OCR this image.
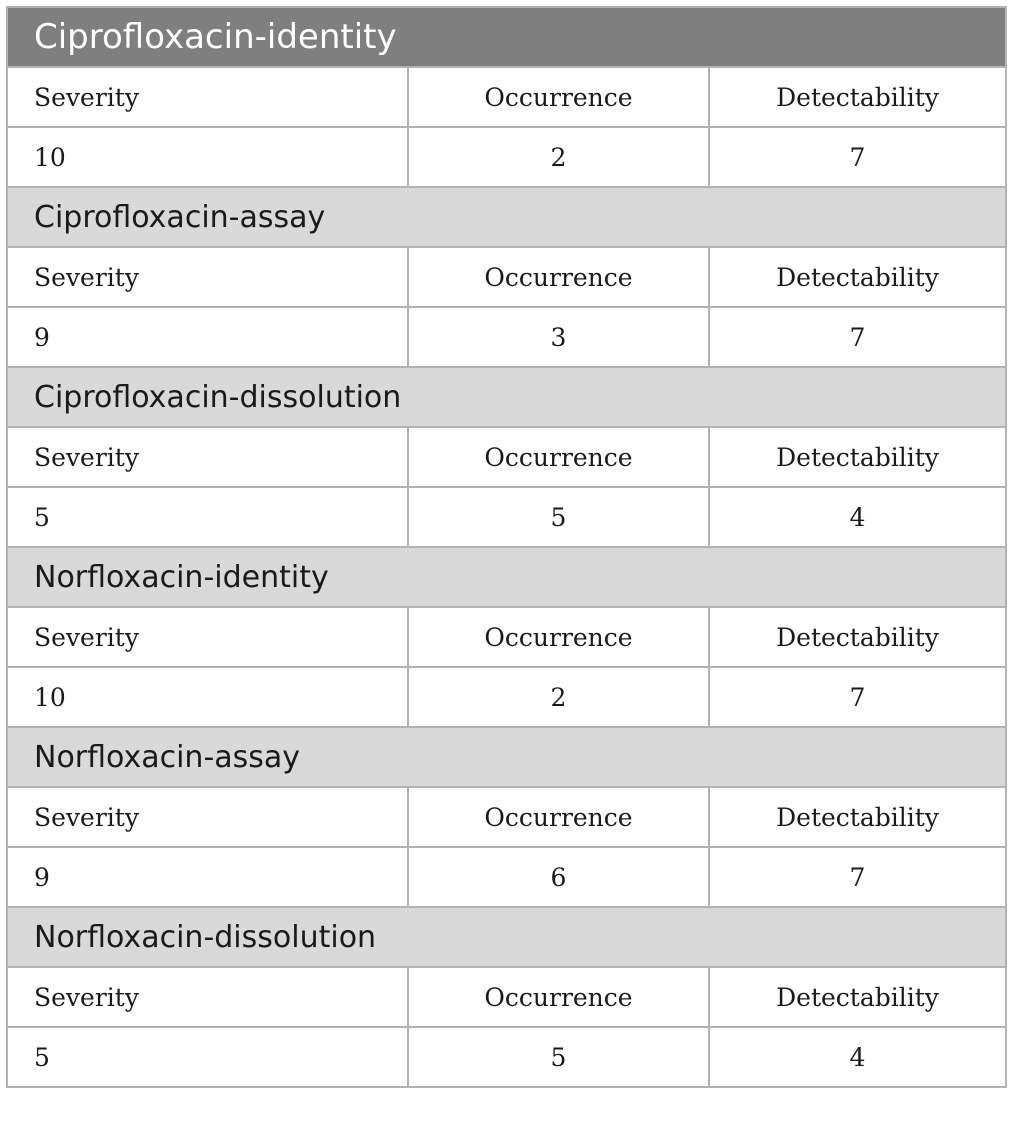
Ciprofloxacin-identity		
Severity	Occurrence	Detectability
10	2	7
Ciprofloxacin-assay		
Severity	Occurrence	Detectability
9	3	7
Ciprofloxacin-dissolution		
Severity	Occurrence	Detectability
5	5	4
Norfloxacin-identity		
Severity	Occurrence	Detectability
10	2	7
Norfloxacin-assay		
Severity	Occurrence	Detectability
9	6	7
Norfloxacin-dissolution		
Severity	Occurrence	Detectability
5	5	4
